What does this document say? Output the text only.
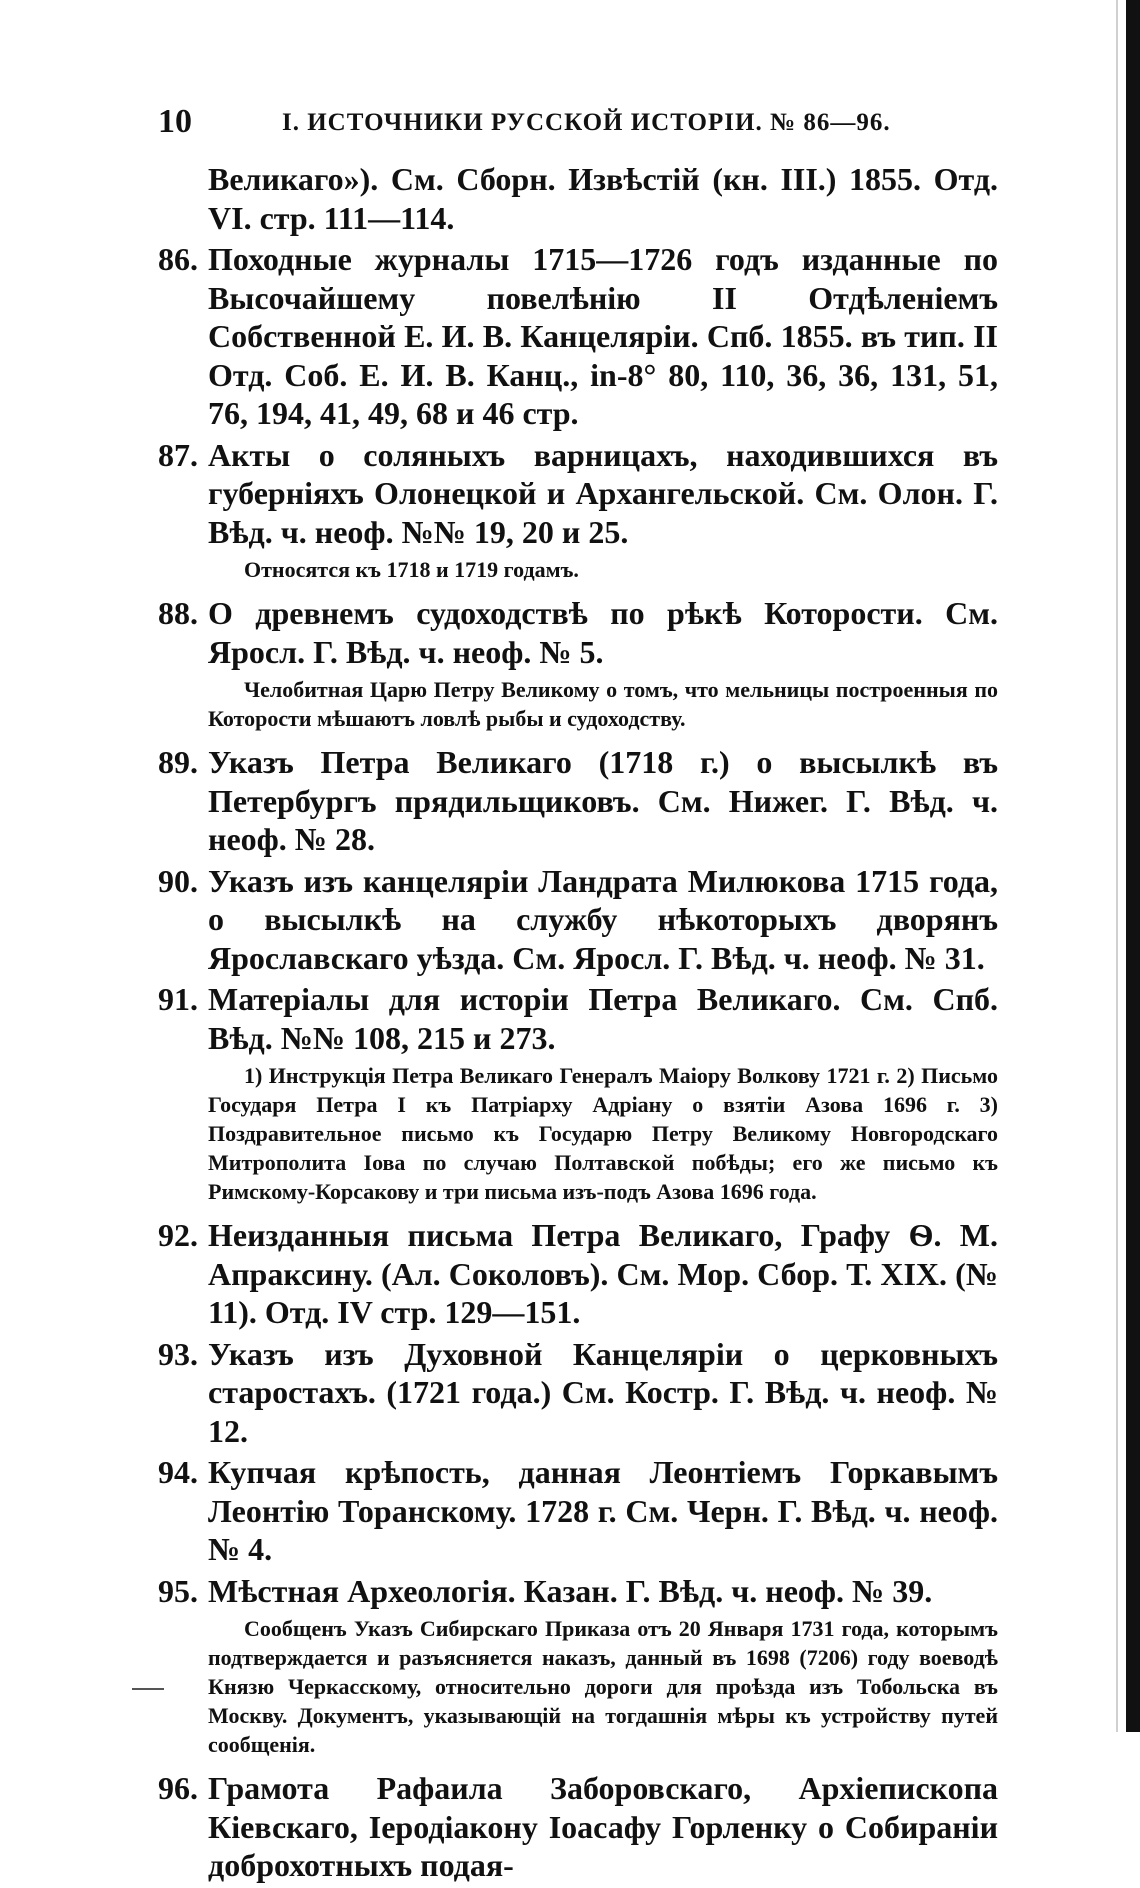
10	I. ИСТОЧНИКИ РУССКОЙ ИСТОРІИ. № 86—96.
Великаго»). См. Сборн. Извѣстій (кн. III.) 1855. Отд. VI. стр. 111—114.
86. Походные журналы 1715—1726 годъ изданные по Высочайшему повелѣнію II Отдѣленіемъ Собственной Е. И. В. Канцеляріи. Спб. 1855. въ тип. II Отд. Соб. Е. И. В. Канц., in-8° 80, 110, 36, 36, 131, 51, 76, 194, 41, 49, 68 и 46 стр.
87. Акты о соляныхъ варницахъ, находившихся въ губерніяхъ Олонецкой и Архангельской. См. Олон. Г. Вѣд. ч. неоф. №№ 19, 20 и 25.
Относятся къ 1718 и 1719 годамъ.
88. О древнемъ судоходствѣ по рѣкѣ Которости. См. Яросл. Г. Вѣд. ч. неоф. № 5.
Челобитная Царю Петру Великому о томъ, что мельницы построенныя по Которости мѣшаютъ ловлѣ рыбы и судоходству.
89. Указъ Петра Великаго (1718 г.) о высылкѣ въ Петербургъ прядильщиковъ. См. Нижег. Г. Вѣд. ч. неоф. № 28.
90. Указъ изъ канцеляріи Ландрата Милюкова 1715 года, о высылкѣ на службу нѣкоторыхъ дворянъ Ярославскаго уѣзда. См. Яросл. Г. Вѣд. ч. неоф. № 31.
91. Матеріалы для исторіи Петра Великаго. См. Спб. Вѣд. №№ 108, 215 и 273.
1) Инструкція Петра Великаго Генералъ Маіору Волкову 1721 г. 2) Письмо Государя Петра I къ Патріарху Адріану о взятіи Азова 1696 г. 3) Поздравительное письмо къ Государю Петру Великому Новгородскаго Митрополита Іова по случаю Полтавской побѣды; его же письмо къ Римскому-Корсакову и три письма изъ-подъ Азова 1696 года.
92. Неизданныя письма Петра Великаго, Графу Ѳ. М. Апраксину. (Ал. Соколовъ). См. Мор. Сбор. Т. XIX. (№ 11). Отд. IV стр. 129—151.
93. Указъ изъ Духовной Канцеляріи о церковныхъ старостахъ. (1721 года.) См. Костр. Г. Вѣд. ч. неоф. № 12.
94. Купчая крѣпость, данная Леонтіемъ Горкавымъ Леонтію Торанскому. 1728 г. См. Черн. Г. Вѣд. ч. неоф. № 4.
95. Мѣстная Археологія. Казан. Г. Вѣд. ч. неоф. № 39.
Сообщенъ Указъ Сибирскаго Приказа отъ 20 Января 1731 года, которымъ подтверждается и разъясняется наказъ, данный въ 1698 (7206) году воеводѣ Князю Черкасскому, относительно дороги для проѣзда изъ Тобольска въ Москву. Документъ, указывающій на тогдашнія мѣры къ устройству путей сообщенія.
96. Грамота Рафаила Заборовскаго, Архіепископа Кіевскаго, Іеродіакону Іоасафу Горленку о Собираніи доброхотныхъ подая-
